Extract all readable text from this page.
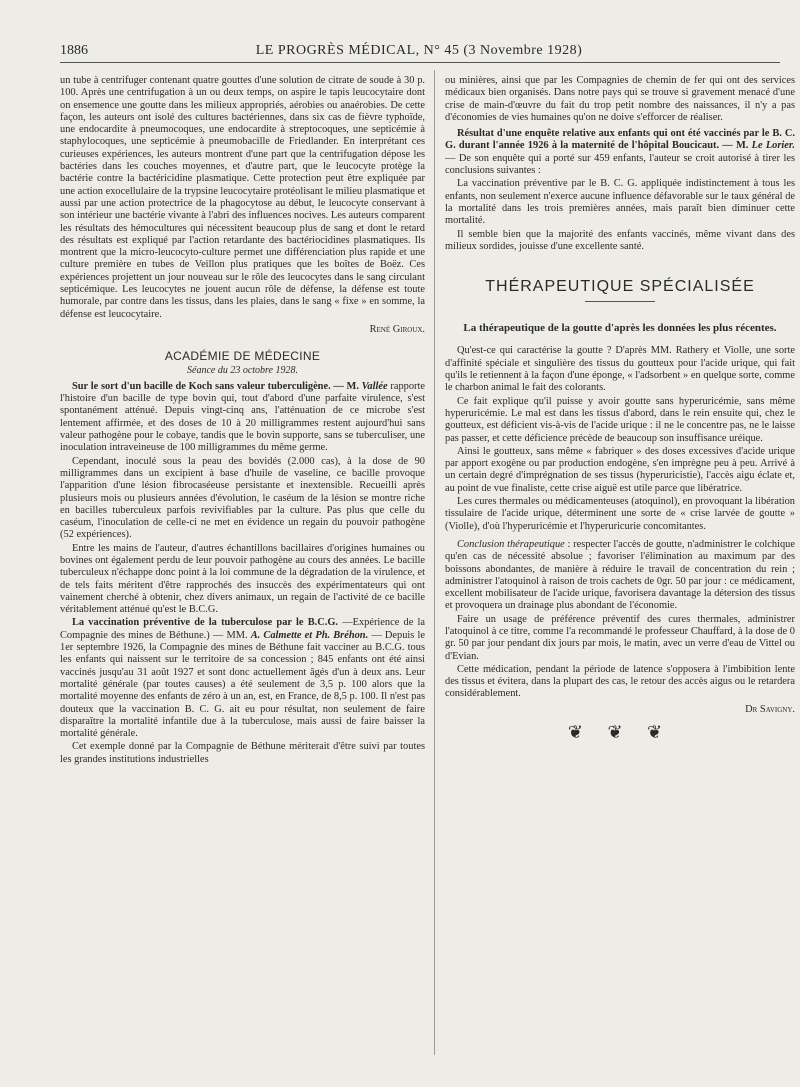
1886	LE PROGRÈS MÉDICAL, N° 45 (3 Novembre 1928)

un tube à centrifuger contenant quatre gouttes d'une solution de citrate de soude à 30 p. 100. Après une centrifugation à un ou deux temps, on aspire le tapis leucocytaire dont on ensemence une goutte dans les milieux appropriés, aérobies ou anaérobies. De cette façon, les auteurs ont isolé des cultures bactériennes, dans six cas de fièvre typhoïde, une endocardite à pneumocoques, une endocardite à streptocoques, une septicémie à staphylocoques, une septicémie à pneumobacille de Friedlander. En interprétant ces curieuses expériences, les auteurs montrent d'une part que la centrifugation dépose les bactéries dans les couches moyennes, et d'autre part, que le leucocyte protège la bactérie contre la bactéricidine plasmatique. Cette protection peut être expliquée par une action exocellulaire de la trypsine leucocytaire protéolisant le milieu plasmatique et aussi par une action protectrice de la phagocytose au début, le leucocyte conservant à son intérieur une bactérie vivante à l'abri des influences nocives. Les auteurs comparent les résultats des hémocultures qui nécessitent beaucoup plus de sang et dont le retard des résultats est expliqué par l'action retardante des bactériocidines plasmatiques. Ils montrent que la micro-leucocyto-culture permet une différenciation plus rapide et une culture première en tubes de Veillon plus pratiques que les boîtes de Boëz. Ces expériences projettent un jour nouveau sur le rôle des leucocytes dans le sang circulant septicémique. Les leucocytes ne jouent aucun rôle de défense, la défense est toute humorale, par contre dans les tissus, dans les plaies, dans le sang « fixe » en somme, la défense est leucocytaire.

René Giroux.
ACADÉMIE DE MÉDECINE
Séance du 23 octobre 1928.

Sur le sort d'un bacille de Koch sans valeur tuberculigène. — M. Vallée rapporte l'histoire d'un bacille de type bovin qui, tout d'abord d'une parfaite virulence, s'est spontanément atténué. Depuis vingt-cinq ans, l'atténuation de ce microbe s'est lentement affirmée, et des doses de 10 à 20 milligrammes restent aujourd'hui sans valeur pathogène pour le cobaye, tandis que le bovin supporte, sans se tuberculiser, une inoculation intraveineuse de 100 milligrammes du même germe.

Cependant, inoculé sous la peau des bovidés (2.000 cas), à la dose de 90 milligrammes dans un excipient à base d'huile de vaseline, ce bacille provoque l'apparition d'une lésion fibrocaséeuse persistante et inextensible. Recueilli après plusieurs mois ou plusieurs années d'évolution, le caséum de la lésion se montre riche en bacilles tuberculeux parfois revivifiables par la culture. Pas plus que celle du caséum, l'inoculation de celle-ci ne met en évidence un regain du pouvoir pathogène (52 expériences).

Entre les mains de l'auteur, d'autres échantillons bacillaires d'origines humaines ou bovines ont également perdu de leur pouvoir pathogène au cours des années. Le bacille tuberculeux n'échappe donc point à la loi commune de la dégradation de la virulence, et de tels faits méritent d'être rapprochés des insuccès des expérimentateurs qui ont vainement cherché à obtenir, chez divers animaux, un regain de l'activité de ce bacille véritablement atténué qu'est le B.C.G.

La vaccination préventive de la tuberculose par le B.C.G. —Expérience de la Compagnie des mines de Béthune.) — MM. A. Calmette et Ph. Bréhon. — Depuis le 1er septembre 1926, la Compagnie des mines de Béthune fait vacciner au B.C.G. tous les enfants qui naissent sur le territoire de sa concession ; 845 enfants ont été ainsi vaccinés jusqu'au 31 août 1927 et sont donc actuellement âgés d'un à deux ans. Leur mortalité générale (par toutes causes) a été seulement de 3,5 p. 100 alors que la mortalité moyenne des enfants de zéro à un an, est, en France, de 8,5 p. 100. Il n'est pas douteux que la vaccination B. C. G. ait eu pour résultat, non seulement de faire disparaître la mortalité infantile due à la tuberculose, mais aussi de faire baisser la mortalité générale.

Cet exemple donné par la Compagnie de Béthune mériterait d'être suivi par toutes les grandes institutions industrielles

ou minières, ainsi que par les Compagnies de chemin de fer qui ont des services médicaux bien organisés. Dans notre pays qui se trouve si gravement menacé d'une crise de main-d'œuvre du fait du trop petit nombre des naissances, il n'y a pas d'économies de vies humaines qu'on ne doive s'efforcer de réaliser.

Résultat d'une enquête relative aux enfants qui ont été vaccinés par le B. C. G. durant l'année 1926 à la maternité de l'hôpital Boucicaut. — M. Le Lorier. — De son enquête qui a porté sur 459 enfants, l'auteur se croit autorisé à tirer les conclusions suivantes :

La vaccination préventive par le B. C. G. appliquée indistinctement à tous les enfants, non seulement n'exerce aucune influence défavorable sur le taux général de la mortalité dans les trois premières années, mais paraît bien diminuer cette mortalité.

Il semble bien que la majorité des enfants vaccinés, même vivant dans des milieux sordides, jouisse d'une excellente santé.

THÉRAPEUTIQUE SPÉCIALISÉE
La thérapeutique de la goutte d'après les données les plus récentes.

Qu'est-ce qui caractérise la goutte ? D'après MM. Rathery et Violle, une sorte d'affinité spéciale et singulière des tissus du goutteux pour l'acide urique, qui fait qu'ils le retiennent à la façon d'une éponge, « l'adsorbent » en quelque sorte, comme le charbon animal le fait des colorants.

Ce fait explique qu'il puisse y avoir goutte sans hyperuricémie, sans même hyperuricémie. Le mal est dans les tissus d'abord, dans le rein ensuite qui, chez le goutteux, est déficient vis-à-vis de l'acide urique : il ne le concentre pas, ne le laisse pas passer, et cette déficience précède de beaucoup son insuffisance uréique.

Ainsi le goutteux, sans même « fabriquer » des doses excessives d'acide urique par apport exogène ou par production endogène, s'en imprègne peu à peu. Arrivé à un certain degré d'imprégnation de ses tissus (hyperuricistie), l'accès aigu éclate et, au point de vue finaliste, cette crise aiguë est utile parce que libératrice.

Les cures thermales ou médicamenteuses (atoquinol), en provoquant la libération tissulaire de l'acide urique, déterminent une sorte de « crise larvée de goutte » (Violle), d'où l'hyperuricémie et l'hyperuricurie concomitantes.

Conclusion thérapeutique : respecter l'accès de goutte, n'administrer le colchique qu'en cas de nécessité absolue ; favoriser l'élimination au maximum par des boissons abondantes, de manière à réduire le travail de concentration du rein ; administrer l'atoquinol à raison de trois cachets de 0gr. 50 par jour : ce médicament, excellent mobilisateur de l'acide urique, favorisera davantage la détersion des tissus et provoquera un drainage plus abondant de l'économie.

Faire un usage de préférence préventif des cures thermales, administrer l'atoquinol à ce titre, comme l'a recommandé le professeur Chauffard, à la dose de 0 gr. 50 par jour pendant dix jours par mois, le matin, avec un verre d'eau de Vittel ou d'Evian.

Cette médication, pendant la période de latence s'opposera à l'imbibition lente des tissus et évitera, dans la plupart des cas, le retour des accès aigus ou le retardera considérablement.

Dr Savigny.
❦ ❦ ❦
